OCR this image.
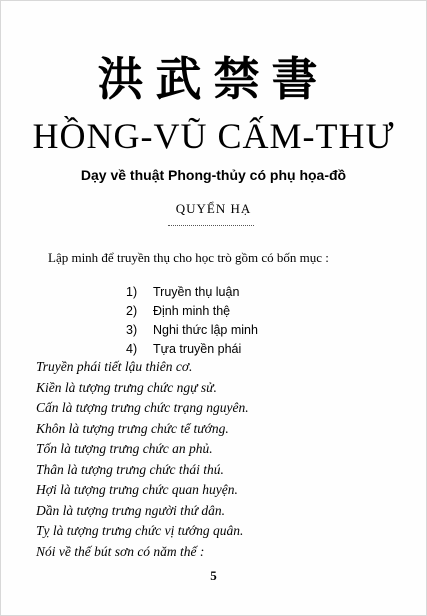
洪武禁書
HỒNG-VŨ CẤM-THƯ
Dạy về thuật Phong-thủy có phụ họa-đồ
QUYỂN HẠ
Lập minh để truyền thụ cho học trò gồm có bốn mục :
1) Truyền thụ luận
2) Định minh thệ
3) Nghi thức lập minh
4) Tựa truyền phái
Truyền phái tiết lậu thiên cơ.
Kiền là tượng trưng chức ngự sử.
Cấn là tượng trưng chức trạng nguyên.
Khôn là tượng trưng chức tể tướng.
Tốn là tượng trưng chức an phủ.
Thân là tượng trưng chức thái thú.
Hợi là tượng trưng chức quan huyện.
Dần là tượng trưng người thứ dân.
Tỵ là tượng trưng chức vị tướng quân.
Nói về thế bút sơn có năm thế :
5
